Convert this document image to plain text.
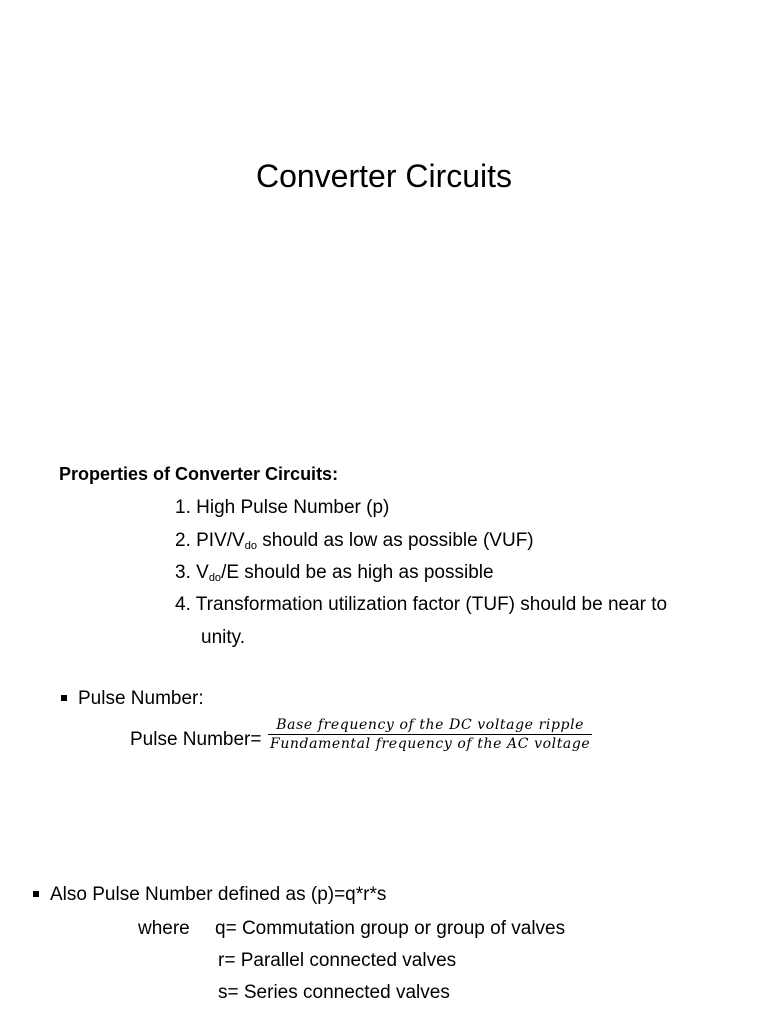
Converter Circuits
Properties of Converter Circuits:
1. High Pulse Number (p)
2. PIV/$V_{do}$ should as low as possible (VUF)
3. $V_{do}/E$ should be as high as possible
4. Transformation utilization factor (TUF) should be near to
unity.
Pulse Number:
Pulse Number=
Base frequency of the DC voltage ripple
Fundamental frequency of the AC voltage
Also Pulse Number defined as (p)=q*r*s
where q= Commutation group or group of valves
r= Parallel connected valves
s= Series connected valves
